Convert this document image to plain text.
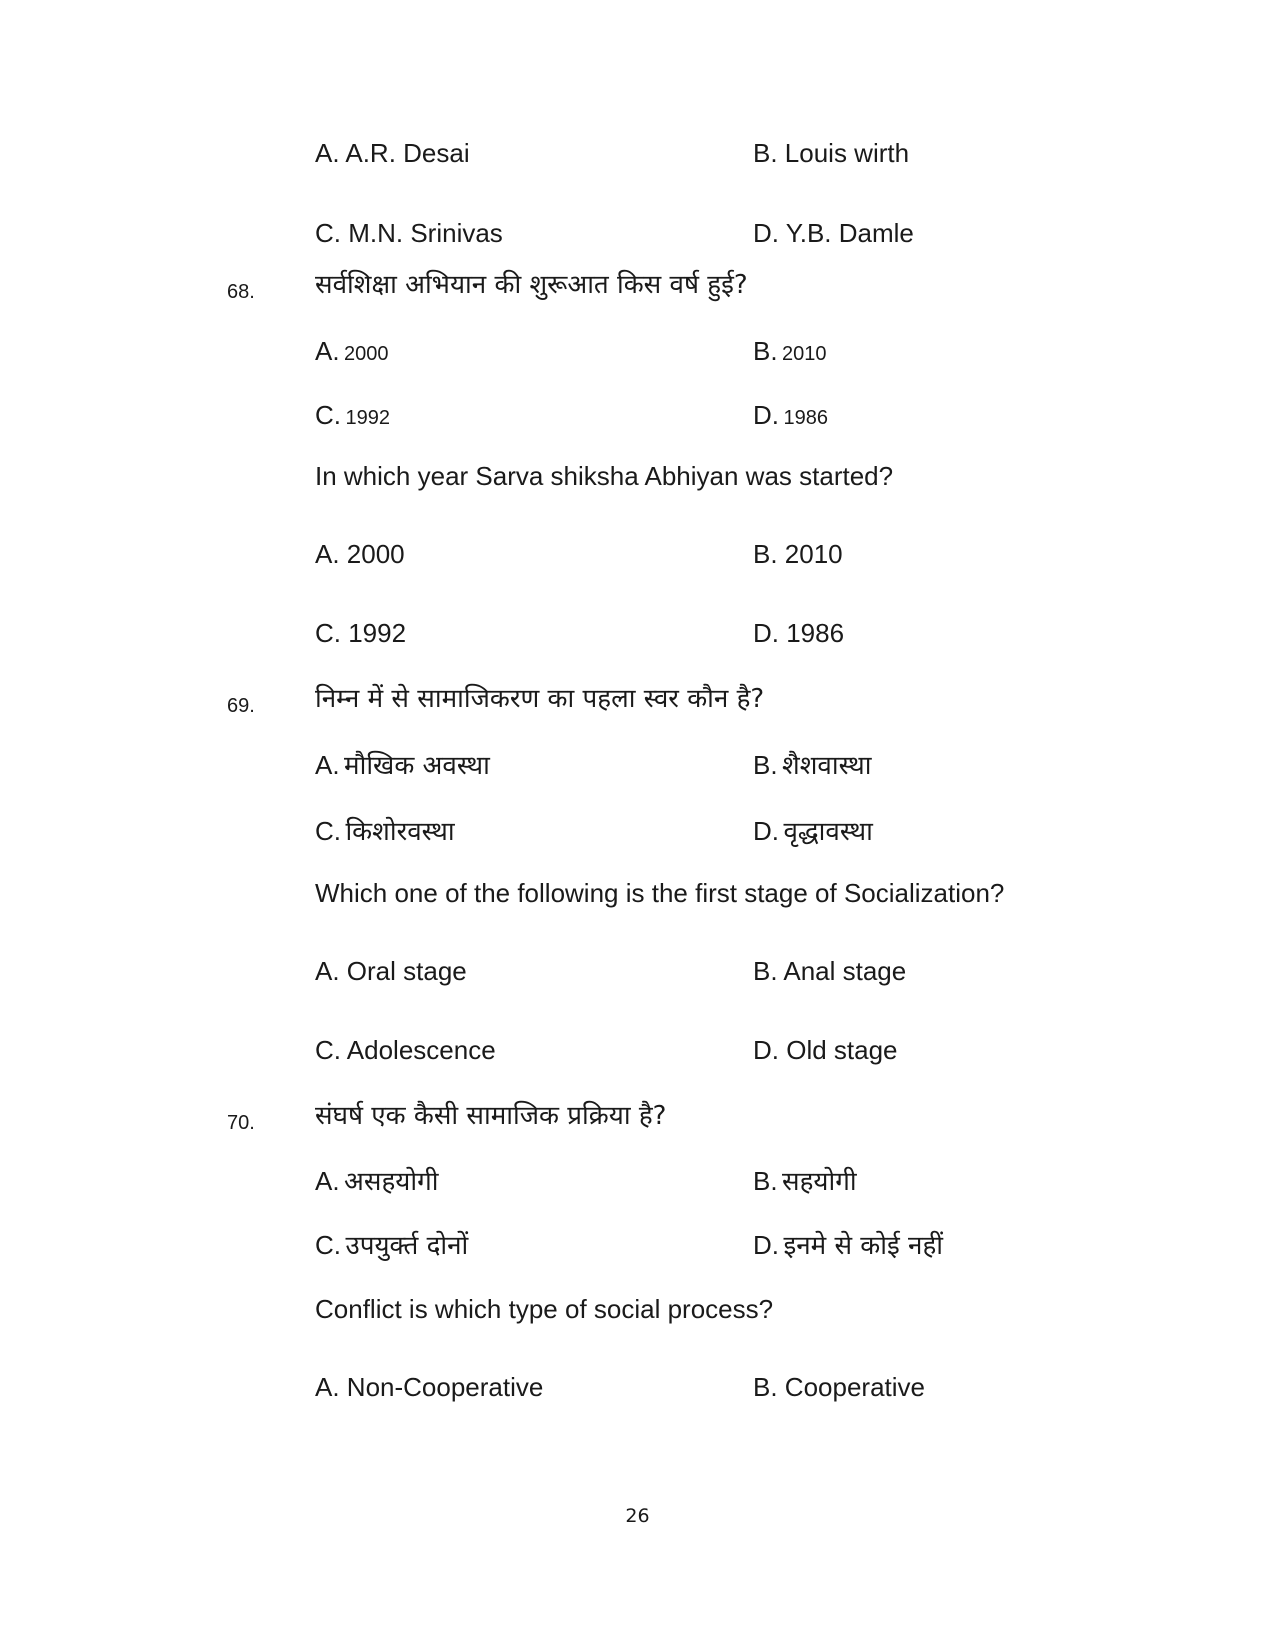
A. A.R. Desai	B. Louis wirth
C. M.N. Srinivas	D. Y.B. Damle
68. सर्वशिक्षा अभियान की शुरूआत किस वर्ष हुई?
A. 2000	B. 2010
C. 1992	D. 1986
In which year Sarva shiksha Abhiyan was started?
A. 2000	B. 2010
C. 1992	D. 1986
69. निम्न में से सामाजिकरण का पहला स्वर कौन है?
A. मौखिक अवस्था	B. शैशवास्था
C. किशोरवस्था	D. वृद्धावस्था
Which one of the following is the first stage of Socialization?
A. Oral stage	B. Anal stage
C. Adolescence	D. Old stage
70. संघर्ष एक कैसी सामाजिक प्रक्रिया है?
A. असहयोगी	B. सहयोगी
C. उपयुर्क्त दोनों	D. इनमे से कोई नहीं
Conflict is which type of social process?
A. Non-Cooperative	B. Cooperative
26
